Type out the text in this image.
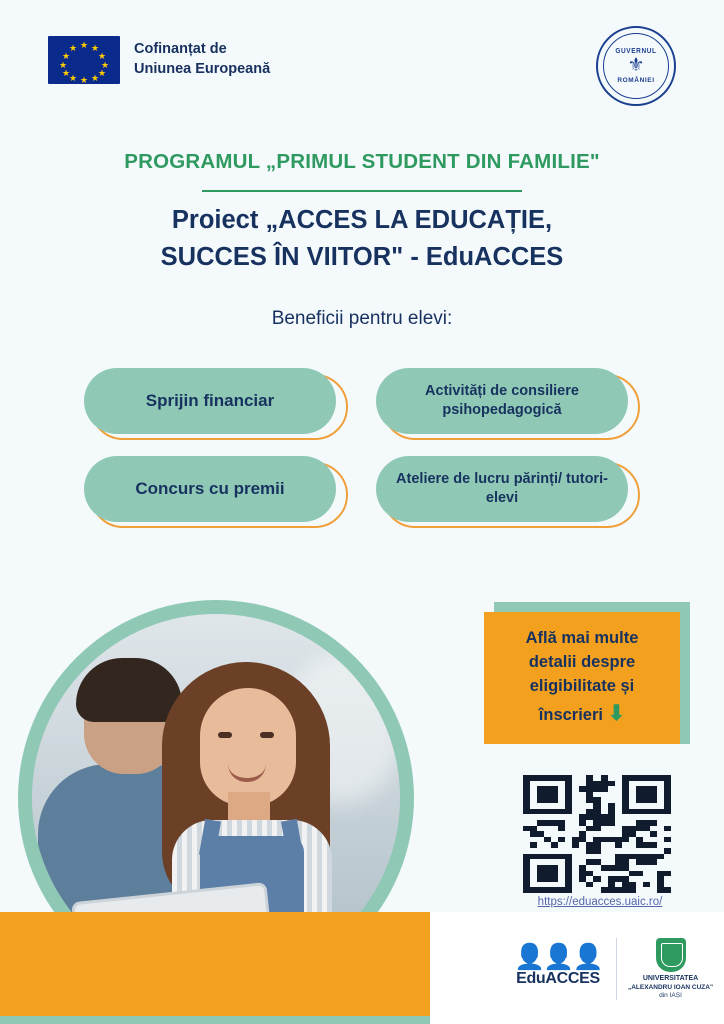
★ ★
★
★
★
★
★
★
★
★
★
★	Cofinanțat de
Uniunea Europeană
GUVERNUL
⚜
ROMÂNIEI
PROGRAMUL „PRIMUL STUDENT DIN FAMILIE"
Proiect „ACCES LA EDUCAȚIE,
SUCCES ÎN VIITOR" - EduACCES
Beneficii pentru elevi:
Sprijin financiar	Activități de consiliere psihopedagogică
Concurs cu premii	Ateliere de lucru părinți/ tutori-elevi
Află mai multe
detalii despre
eligibilitate și
înscrieri ⬇
https://eduacces.uaic.ro/
👤👤👤
EduACCES	UNIVERSITATEA
„ALEXANDRU IOAN CUZA"
din IAȘI
